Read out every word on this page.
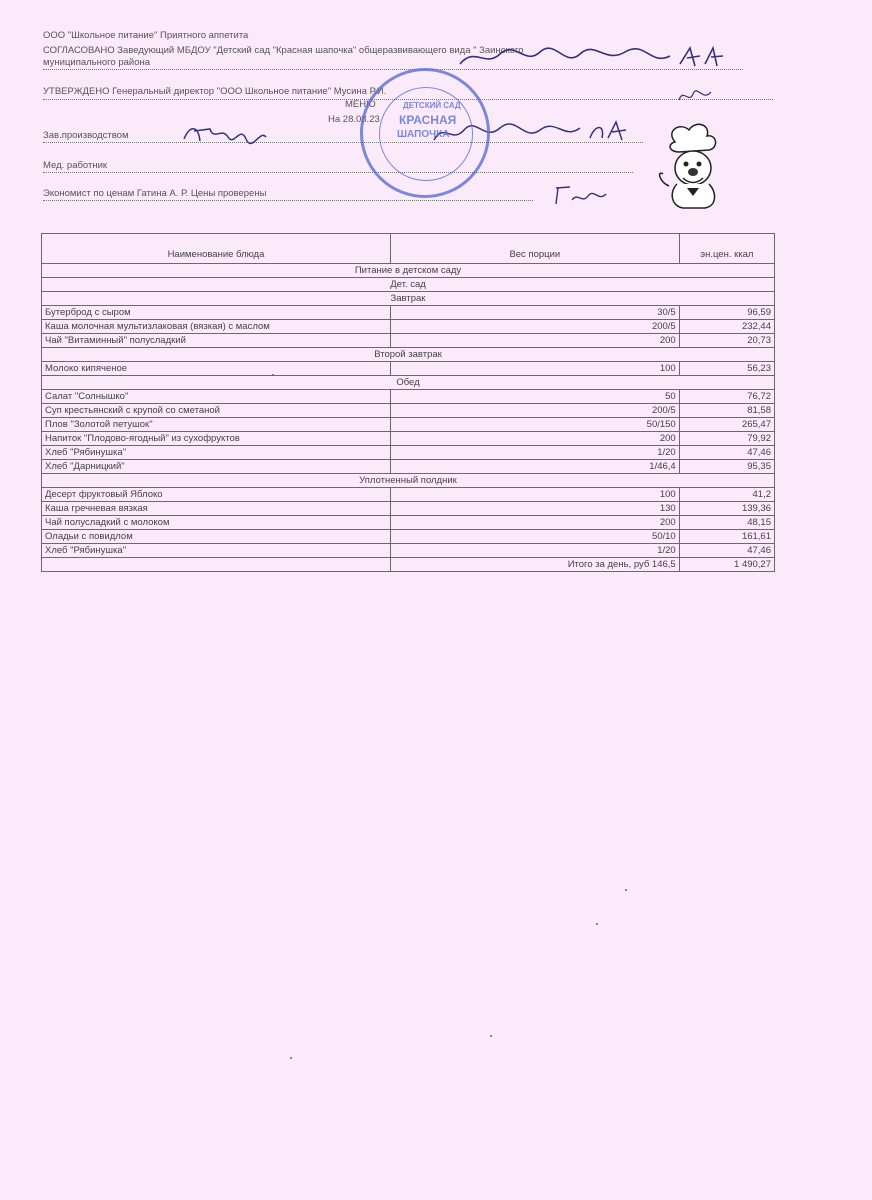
ООО "Школьное питание" Приятного аппетита
СОГЛАСОВАНО Заведующий МБДОУ "Детский сад "Красная шапочка" общеразвивающего вида " Заинского
муниципального района
УТВЕРЖДЕНО Генеральный директор "ООО Школьное питание" Мусина Р.И.
МЕНЮ
На 28.08.23
Зав.производством
Мед. работник
Экономист по ценам Гатина А. Р. Цены проверены
ДЕТСКИЙ САД
КРАСНАЯ
ШАПОЧКА
Наименование блюда	Вес порции	эн.цен. ккал
Питание в детском саду		
Дет. сад		
Завтрак		
Бутерброд с сыром	30/5	96,59
Каша молочная мультизлаковая (вязкая) с маслом	200/5	232,44
Чай "Витаминный" полусладкий	200	20,73
Второй завтрак		
Молоко кипяченое	100	56,23
Обед		
Салат "Солнышко"	50	76,72
Суп крестьянский с крупой со сметаной	200/5	81,58
Плов "Золотой петушок"	50/150	265,47
Напиток "Плодово-ягодный" из сухофруктов	200	79,92
Хлеб "Рябинушка"	1/20	47,46
Хлеб "Дарницкий"	1/46,4	95,35
Уплотненный полдник		
Десерт фруктовый Яблоко	100	41,2
Каша гречневая вязкая	130	139,36
Чай полусладкий с молоком	200	48,15
Оладьи с повидлом	50/10	161,61
Хлеб "Рябинушка"	1/20	47,46
	Итого за день, руб 146,5	1 490,27
